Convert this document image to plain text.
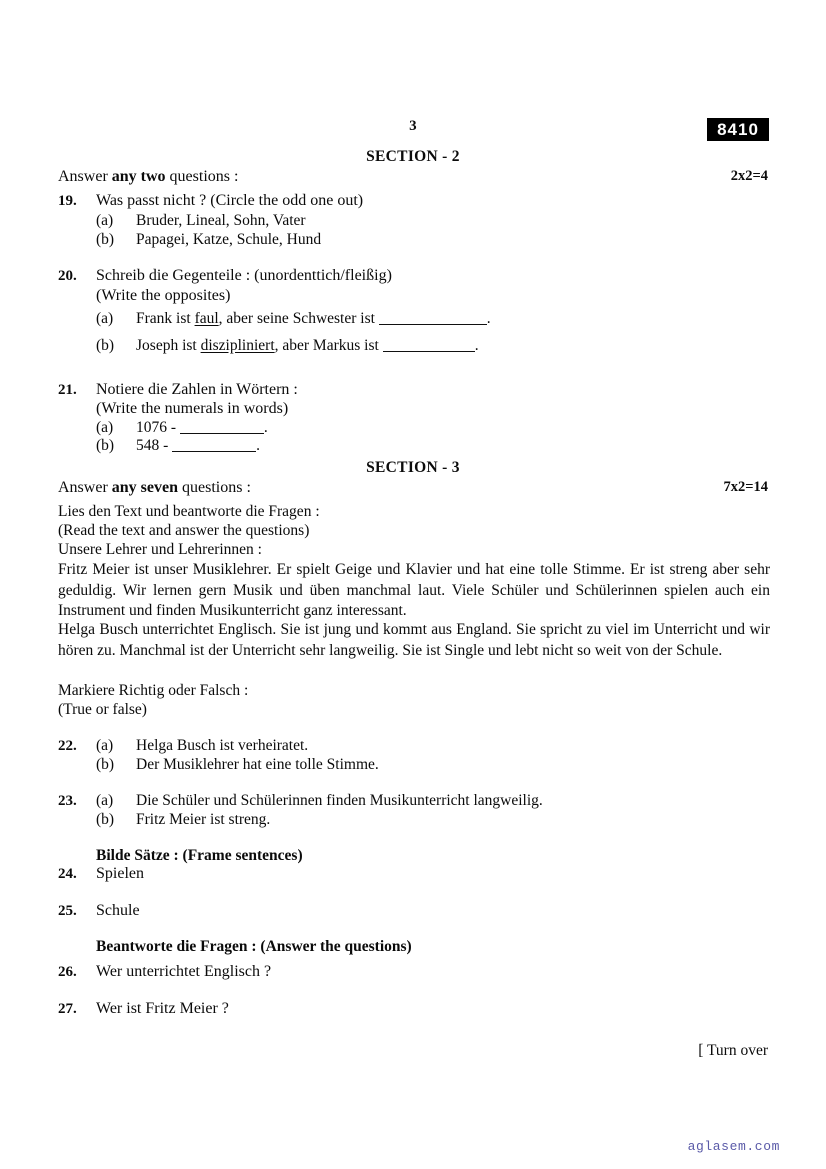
3	8410
SECTION - 2
Answer any two questions :	2x2=4
19. Was passt nicht ? (Circle the odd one out)
(a) Bruder, Lineal, Sohn, Vater
(b) Papagei, Katze, Schule, Hund
20. Schreib die Gegenteile : (unordenttich/fleißig)
(Write the opposites)
(a) Frank ist faul, aber seine Schwester ist	.
(b) Joseph ist diszipliniert, aber Markus ist	.
21. Notiere die Zahlen in Wörtern :
(Write the numerals in words)
(a) 1076 -	.
(b) 548 -	.
SECTION - 3
Answer any seven questions :	7x2=14
Lies den Text und beantworte die Fragen :
(Read the text and answer the questions)
Unsere Lehrer und Lehrerinnen :
Fritz Meier ist unser Musiklehrer. Er spielt Geige und Klavier und hat eine tolle Stimme. Er ist streng aber sehr geduldig. Wir lernen gern Musik und üben manchmal laut. Viele Schüler und Schülerinnen spielen auch ein Instrument und finden Musikunterricht ganz interessant.
Helga Busch unterrichtet Englisch. Sie ist jung und kommt aus England. Sie spricht zu viel im Unterricht und wir hören zu. Manchmal ist der Unterricht sehr langweilig. Sie ist Single und lebt nicht so weit von der Schule.
Markiere Richtig oder Falsch :
(True or false)
22. (a) Helga Busch ist verheiratet.
(b) Der Musiklehrer hat eine tolle Stimme.
23. (a) Die Schüler und Schülerinnen finden Musikunterricht langweilig.
(b) Fritz Meier ist streng.
Bilde Sätze : (Frame sentences)
24. Spielen
25. Schule
Beantworte die Fragen : (Answer the questions)
26. Wer unterrichtet Englisch ?
27. Wer ist Fritz Meier ?
[ Turn over
aglasem.com
